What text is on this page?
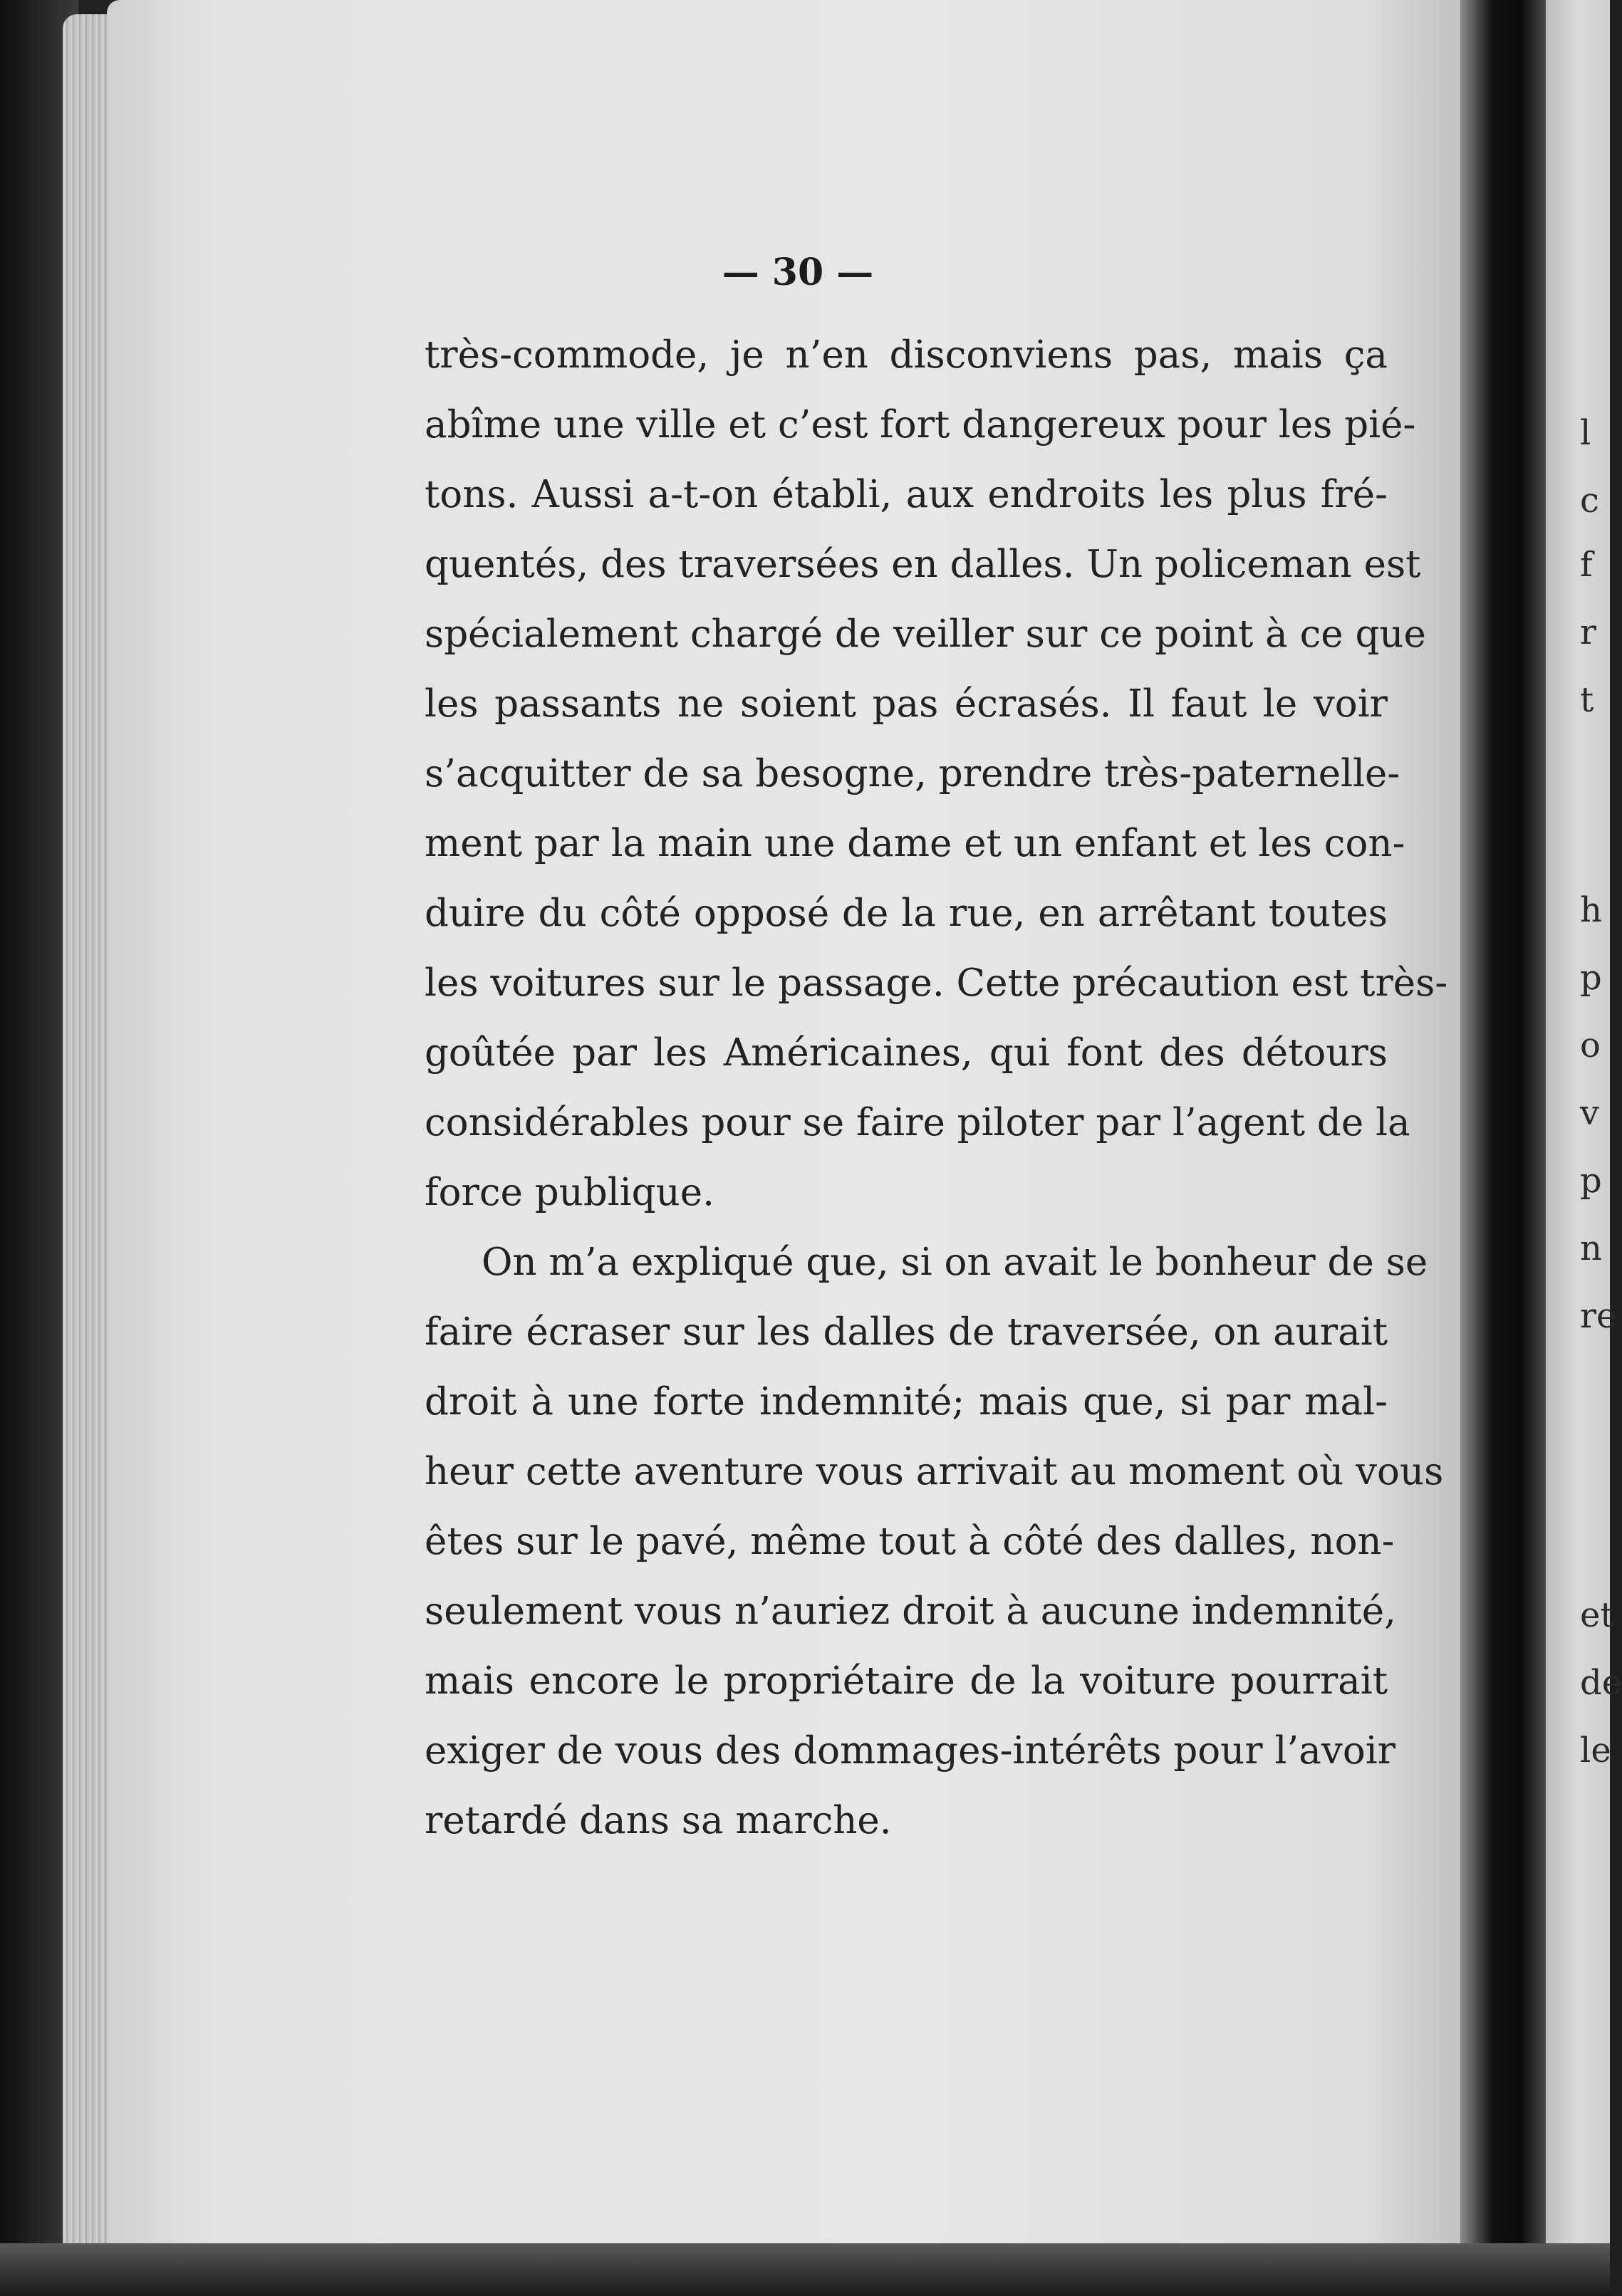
— 30 —
très-commode, je n’en disconviens pas, mais ça
abîme une ville et c’est fort dangereux pour les pié-
tons. Aussi a-t-on établi, aux endroits les plus fré-
quentés, des traversées en dalles. Un policeman est
spécialement chargé de veiller sur ce point à ce que
les passants ne soient pas écrasés. Il faut le voir
s’acquitter de sa besogne, prendre très-paternelle-
ment par la main une dame et un enfant et les con-
duire du côté opposé de la rue, en arrêtant toutes
les voitures sur le passage. Cette précaution est très-
goûtée par les Américaines, qui font des détours
considérables pour se faire piloter par l’agent de la
force publique.
On m’a expliqué que, si on avait le bonheur de se
faire écraser sur les dalles de traversée, on aurait
droit à une forte indemnité; mais que, si par mal-
heur cette aventure vous arrivait au moment où vous
êtes sur le pavé, même tout à côté des dalles, non-
seulement vous n’auriez droit à aucune indemnité,
mais encore le propriétaire de la voiture pourrait
exiger de vous des dommages-intérêts pour l’avoir
retardé dans sa marche.
l
c
f
r
t
h
p
o
v
p
n
re
et
de
le
